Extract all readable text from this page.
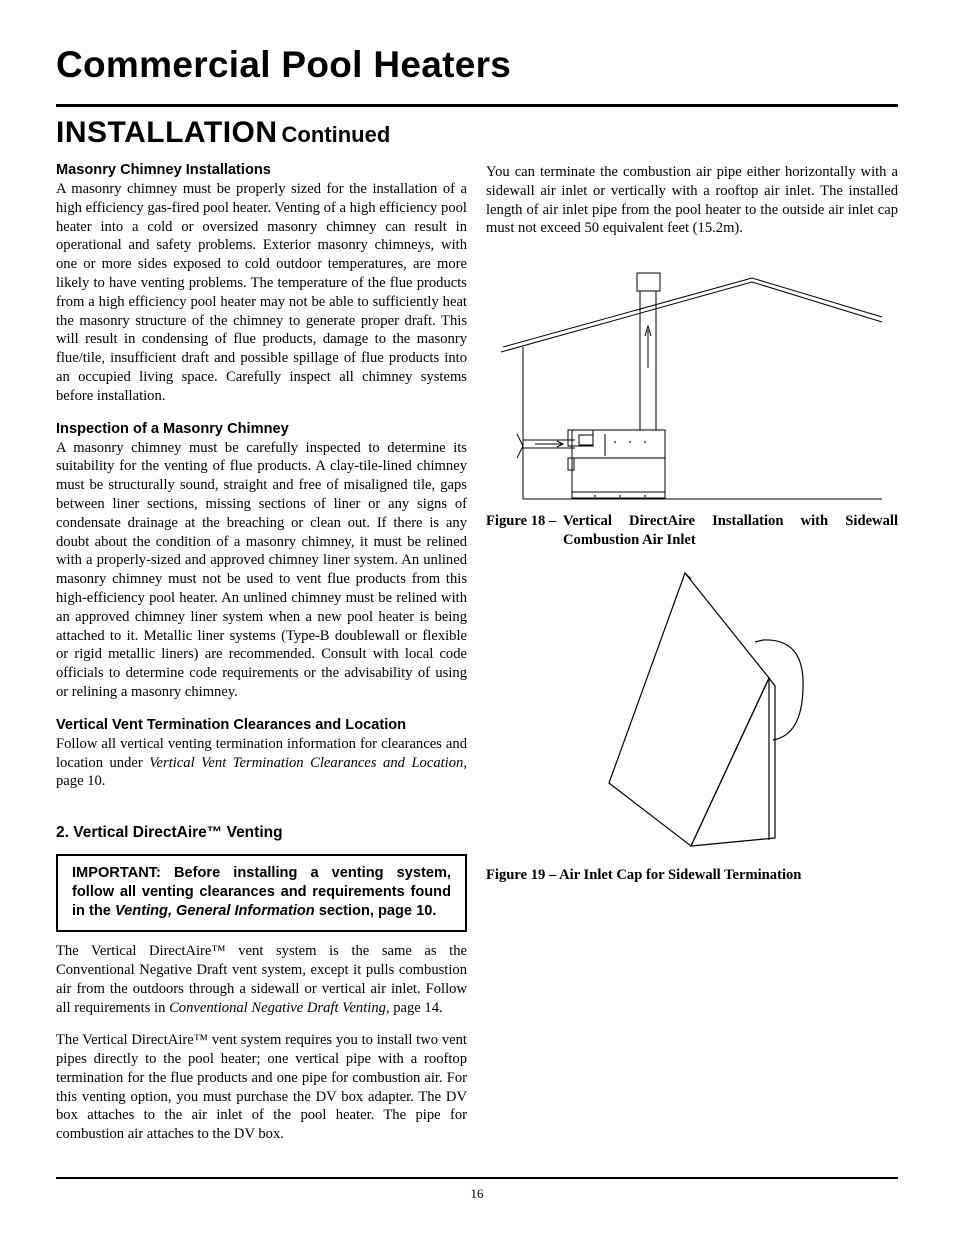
Commercial Pool Heaters
INSTALLATION Continued
Masonry Chimney Installations

A masonry chimney must be properly sized for the installation of a high efficiency gas-fired pool heater. Venting of a high efficiency pool heater into a cold or oversized masonry chimney can result in operational and safety problems. Exterior masonry chimneys, with one or more sides exposed to cold outdoor temperatures, are more likely to have venting problems. The temperature of the flue products from a high efficiency pool heater may not be able to sufficiently heat the masonry structure of the chimney to generate proper draft. This will result in condensing of flue products, damage to the masonry flue/tile, insufficient draft and possible spillage of flue products into an occupied living space. Carefully inspect all chimney systems before installation.

Inspection of a Masonry Chimney

A masonry chimney must be carefully inspected to determine its suitability for the venting of flue products. A clay-tile-lined chimney must be structurally sound, straight and free of misaligned tile, gaps between liner sections, missing sections of liner or any signs of condensate drainage at the breaching or clean out. If there is any doubt about the condition of a masonry chimney, it must be relined with a properly-sized and approved chimney liner system. An unlined masonry chimney must not be used to vent flue products from this high-efficiency pool heater. An unlined chimney must be relined with an approved chimney liner system when a new pool heater is being attached to it. Metallic liner systems (Type-B doublewall or flexible or rigid metallic liners) are recommended. Consult with local code officials to determine code requirements or the advisability of using or relining a masonry chimney.

Vertical Vent Termination Clearances and Location

Follow all vertical venting termination information for clearances and location under Vertical Vent Termination Clearances and Location, page 10.

2. Vertical DirectAire™ Venting
IMPORTANT: Before installing a venting system, follow all venting clearances and requirements found in the Venting, General Information section, page 10.

The Vertical DirectAire™ vent system is the same as the Conventional Negative Draft vent system, except it pulls combustion air from the outdoors through a sidewall or vertical air inlet. Follow all requirements in Conventional Negative Draft Venting, page 14.

The Vertical DirectAire™ vent system requires you to install two vent pipes directly to the pool heater; one vertical pipe with a rooftop termination for the flue products and one pipe for combustion air. For this venting option, you must purchase the DV box adapter. The DV box attaches to the air inlet of the pool heater. The pipe for combustion air attaches to the DV box.

You can terminate the combustion air pipe either horizontally with a sidewall air inlet or vertically with a rooftop air inlet. The installed length of air inlet pipe from the pool heater to the outside air inlet cap must not exceed 50 equivalent feet (15.2m).

Figure 18 – Vertical DirectAire Installation with Sidewall
Combustion Air Inlet
Figure 19 – Air Inlet Cap for Sidewall Termination
16
